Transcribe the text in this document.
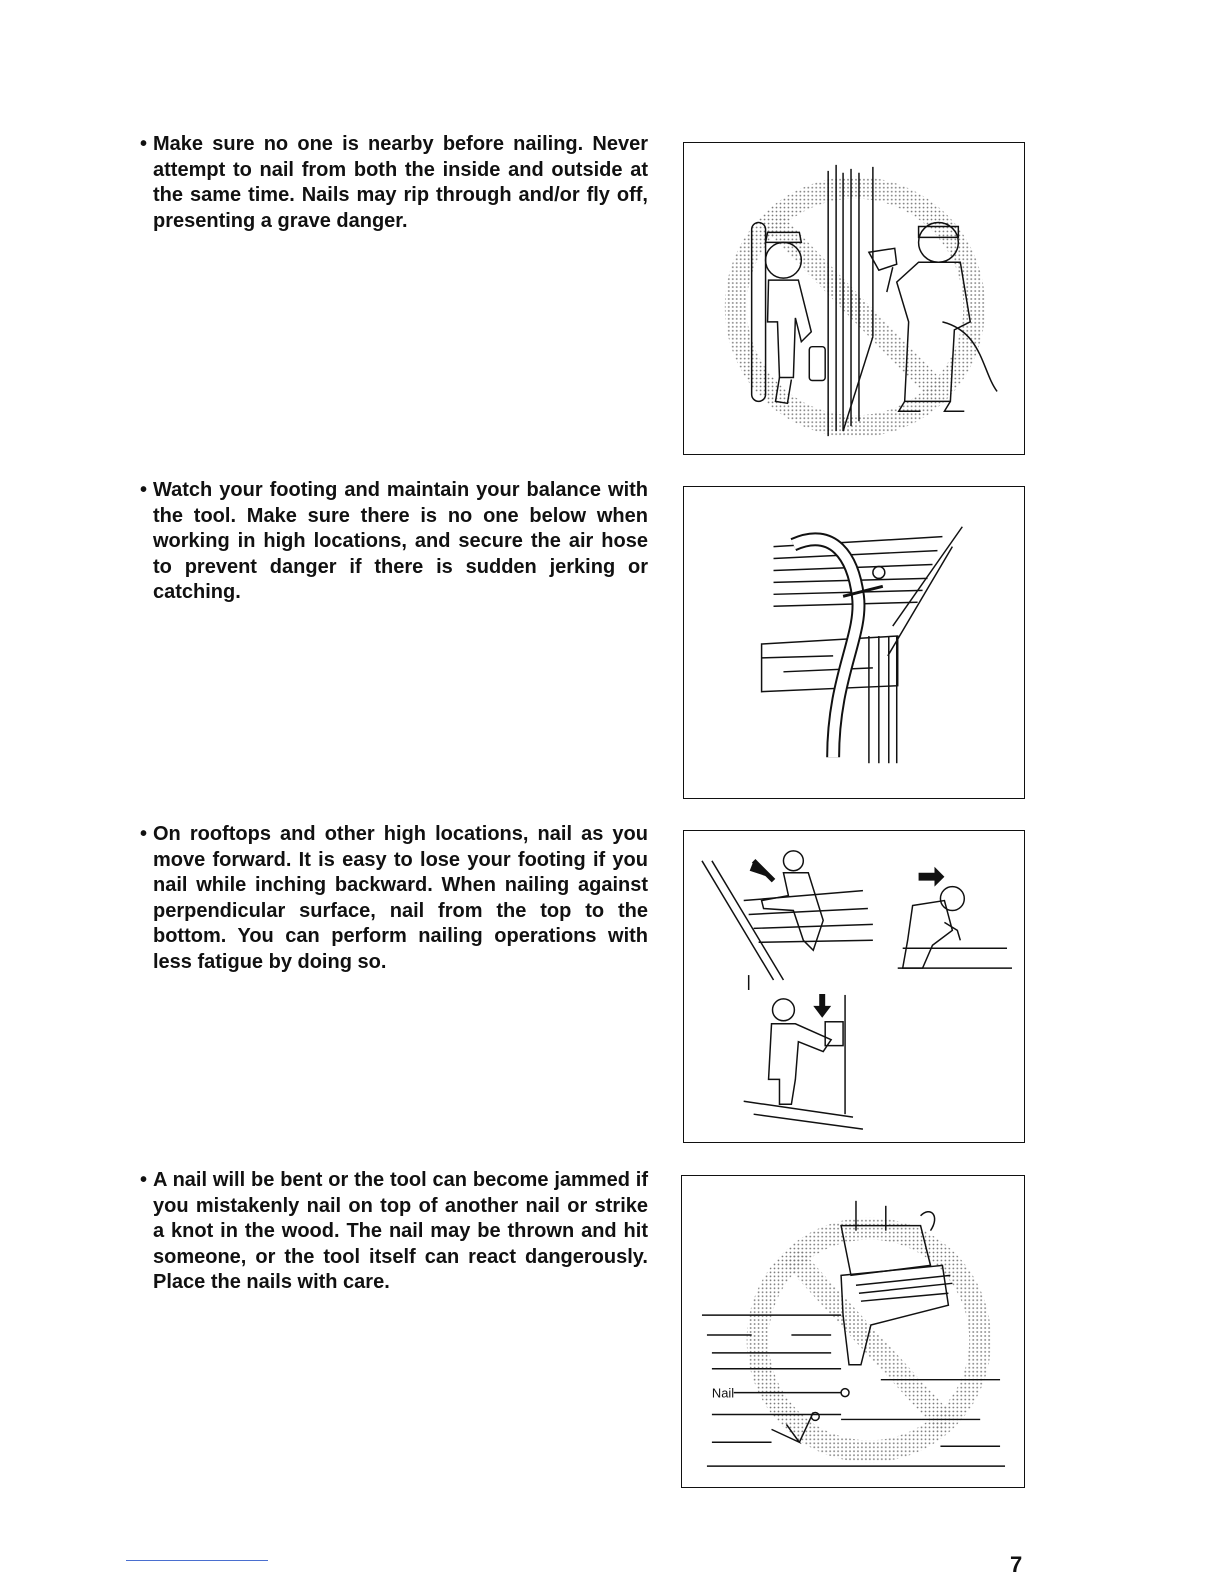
• Make sure no one is nearby before nailing. Never attempt to nail from both the inside and outside at the same time. Nails may rip through and/or fly off, presenting a grave danger.
• Watch your footing and maintain your balance with the tool. Make sure there is no one below when working in high locations, and secure the air hose to prevent danger if there is sudden jerking or catching.
• On rooftops and other high locations, nail as you move forward. It is easy to lose your footing if you nail while inching backward. When nailing against perpendicular surface, nail from the top to the bottom. You can perform nailing operations with less fatigue by doing so.
• A nail will be bent or the tool can become jammed if you mistakenly nail on top of another nail or strike a knot in the wood. The nail may be thrown and hit someone, or the tool itself can react dangerously. Place the nails with care.
Nail
7
